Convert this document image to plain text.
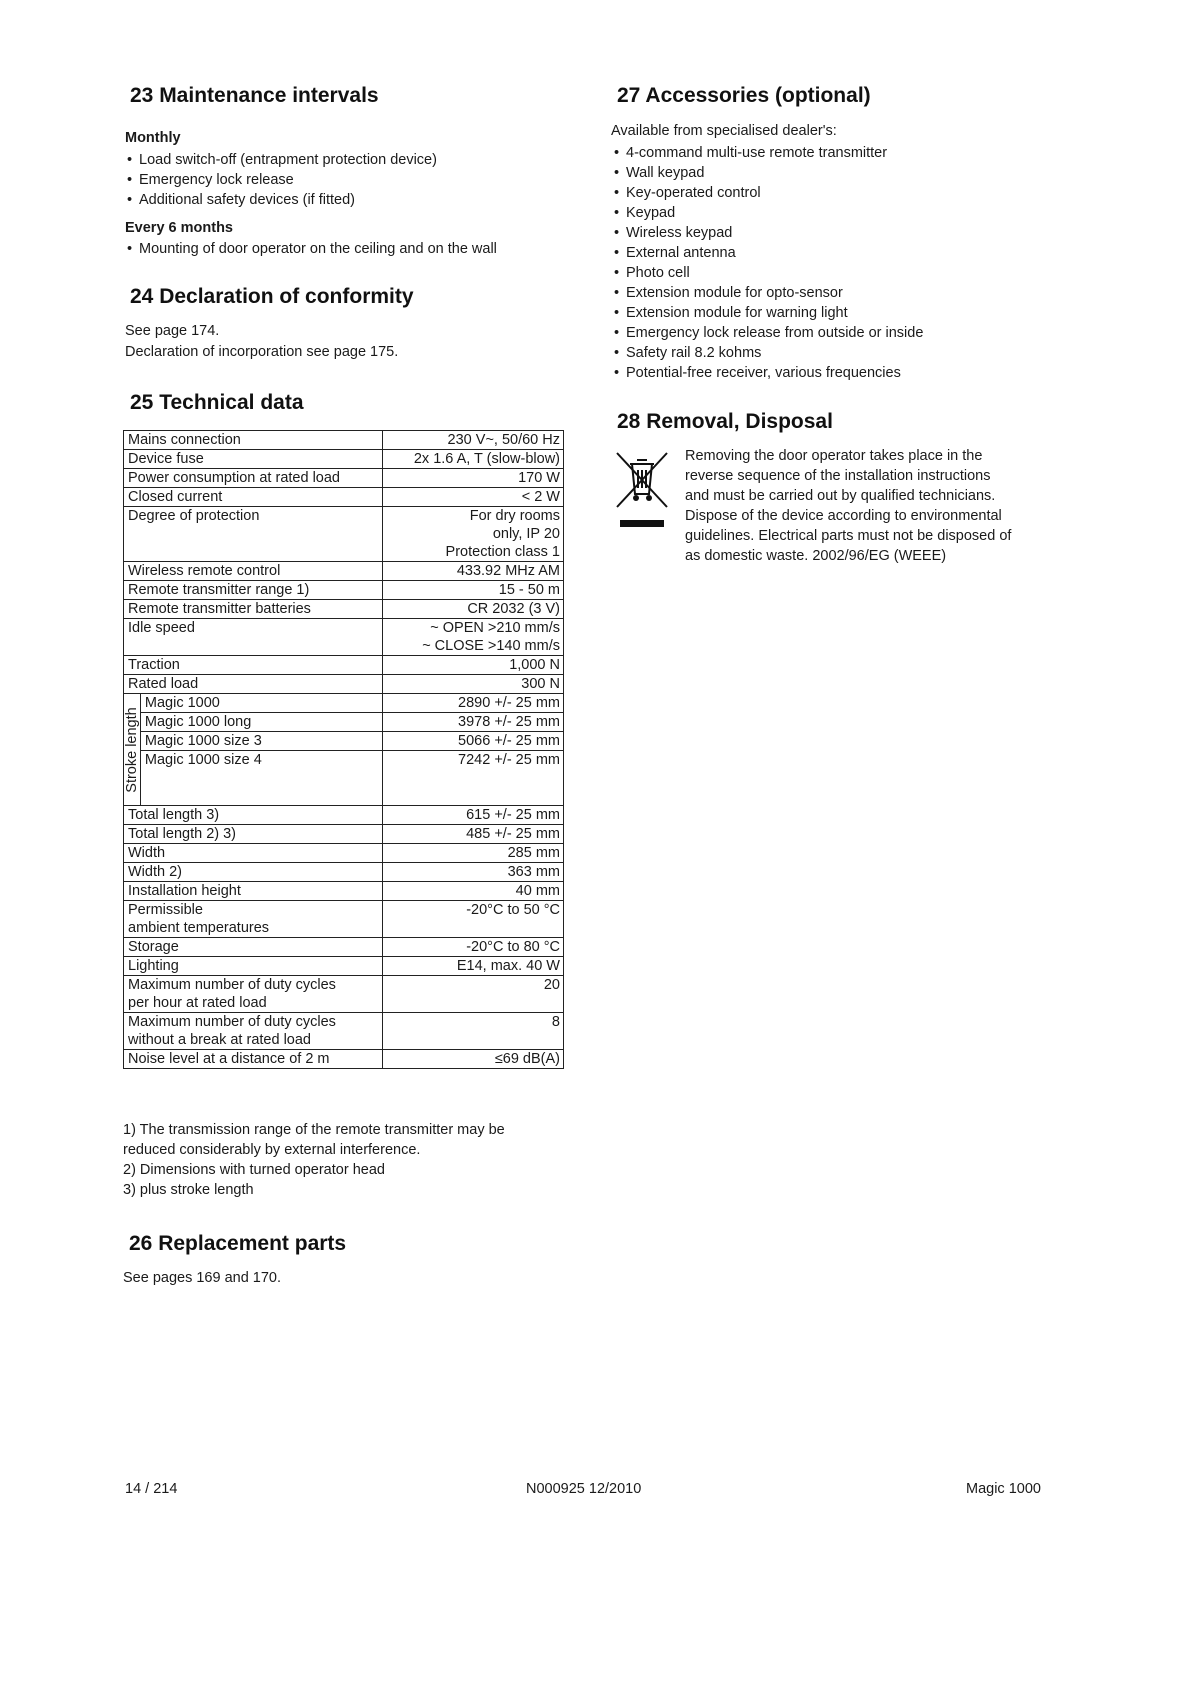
23 Maintenance intervals
Monthly
• Load switch-off (entrapment protection device)
• Emergency lock release
• Additional safety devices (if fitted)
Every 6 months
• Mounting of door operator on the ceiling and on the wall
24 Declaration of conformity
See page 174.
Declaration of incorporation see page 175.
25 Technical data
Mains connection		230 V~, 50/60 Hz
Device fuse		2x 1.6 A, T (slow-blow)
Power consumption at rated load		170 W
Closed current		< 2 W
Degree of protection		For dry rooms
only, IP 20
Protection class 1
Wireless remote control		433.92 MHz AM
Remote transmitter range 1)		15 - 50 m
Remote transmitter batteries		CR 2032 (3 V)
Idle speed		~ OPEN >210 mm/s
~ CLOSE >140 mm/s
Traction		1,000 N
Rated load		300 N

Stroke length	Magic 1000	2890 +/- 25 mm
	Magic 1000 long	3978 +/- 25 mm
	Magic 1000 size 3	5066 +/- 25 mm
	Magic 1000 size 4	7242 +/- 25 mm
Total length 3)		615 +/- 25 mm
Total length 2) 3)		485 +/- 25 mm
Width		285 mm
Width 2)		363 mm
Installation height		40 mm
Permissible
ambient temperatures		-20°C to 50 °C
Storage		-20°C to 80 °C
Lighting		E14, max. 40 W
Maximum number of duty cycles
per hour at rated load		20
Maximum number of duty cycles
without a break at rated load		8
Noise level at a distance of 2 m		≤69 dB(A)
1) The transmission range of the remote transmitter may be
reduced considerably by external interference.
2) Dimensions with turned operator head
3) plus stroke length
26 Replacement parts
See pages 169 and 170.
27 Accessories (optional)
Available from specialised dealer's:
• 4-command multi-use remote transmitter
• Wall keypad
• Key-operated control
• Keypad
• Wireless keypad
• External antenna
• Photo cell
• Extension module for opto-sensor
• Extension module for warning light
• Emergency lock release from outside or inside
• Safety rail 8.2 kohms
• Potential-free receiver, various frequencies
28 Removal, Disposal
Removing the door operator takes place in the
reverse sequence of the installation instructions
and must be carried out by qualified technicians.
Dispose of the device according to environmental
guidelines. Electrical parts must not be disposed of
as domestic waste. 2002/96/EG (WEEE)
14 / 214	N000925 12/2010	Magic 1000
